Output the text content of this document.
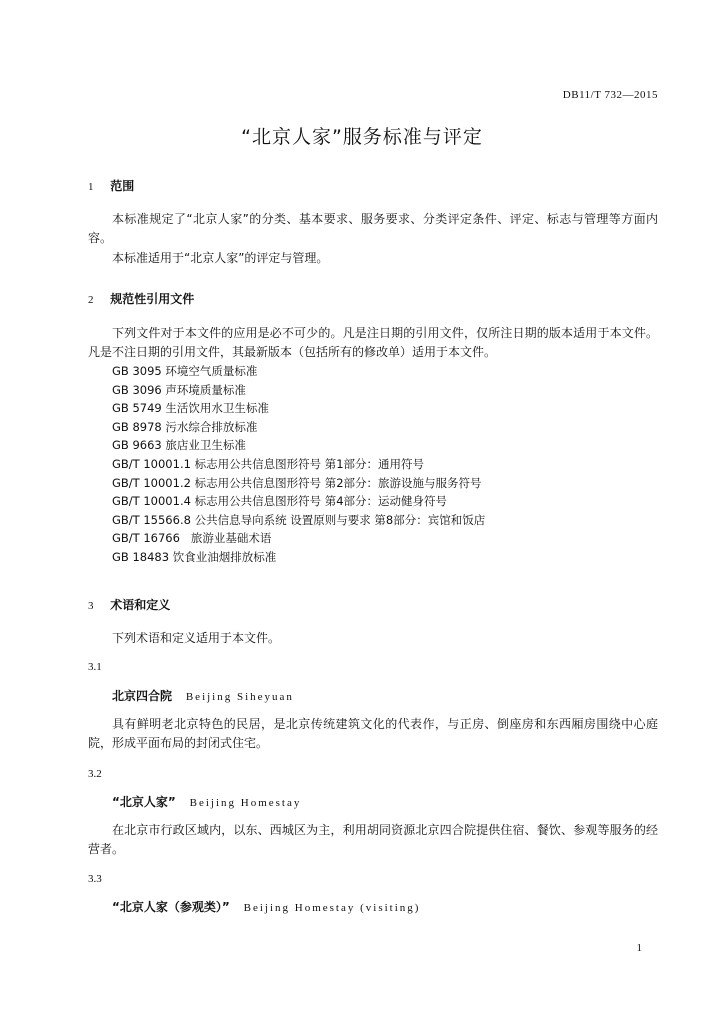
DB11/T 732—2015
“北京人家”服务标准与评定
1 范围
本标准规定了“北京人家”的分类、基本要求、服务要求、分类评定条件、评定、标志与管理等方面内容。
本标准适用于“北京人家”的评定与管理。
2 规范性引用文件
下列文件对于本文件的应用是必不可少的。凡是注日期的引用文件，仅所注日期的版本适用于本文件。凡是不注日期的引用文件，其最新版本（包括所有的修改单）适用于本文件。
GB 3095 环境空气质量标准
GB 3096 声环境质量标准
GB 5749 生活饮用水卫生标准
GB 8978 污水综合排放标准
GB 9663 旅店业卫生标准
GB/T 10001.1 标志用公共信息图形符号 第1部分：通用符号
GB/T 10001.2 标志用公共信息图形符号 第2部分：旅游设施与服务符号
GB/T 10001.4 标志用公共信息图形符号 第4部分：运动健身符号
GB/T 15566.8 公共信息导向系统 设置原则与要求 第8部分：宾馆和饭店
GB/T 16766   旅游业基础术语
GB 18483 饮食业油烟排放标准
3 术语和定义
下列术语和定义适用于本文件。
3.1
北京四合院 Beijing Siheyuan
具有鲜明老北京特色的民居，是北京传统建筑文化的代表作，与正房、倒座房和东西厢房围绕中心庭院，形成平面布局的封闭式住宅。
3.2
“北京人家” Beijing Homestay
在北京市行政区域内，以东、西城区为主，利用胡同资源北京四合院提供住宿、餐饮、参观等服务的经营者。
3.3
“北京人家（参观类）” Beijing Homestay (visiting)
1
